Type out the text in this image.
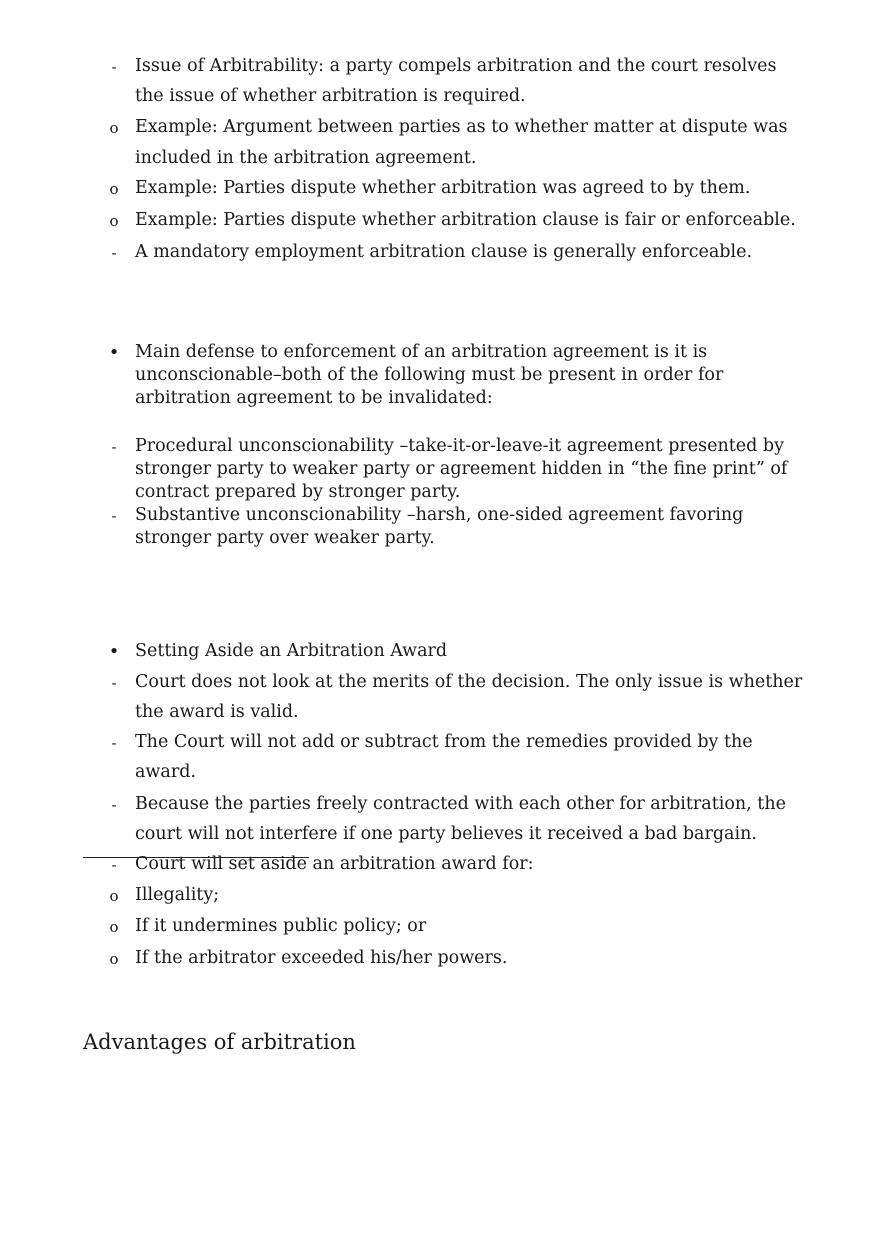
-	Issue of Arbitrability: a party compels arbitration and the court resolves
the issue of whether arbitration is required.
o Example: Argument between parties as to whether matter at dispute was
included in the arbitration agreement.
o Example: Parties dispute whether arbitration was agreed to by them.
o Example: Parties dispute whether arbitration clause is fair or enforceable.
-	A mandatory employment arbitration clause is generally enforceable.
• Main defense to enforcement of an arbitration agreement is it is
unconscionable–both of the following must be present in order for
arbitration agreement to be invalidated:
-	Procedural unconscionability –take-it-or-leave-it agreement presented by
stronger party to weaker party or agreement hidden in “the fine print” of
contract prepared by stronger party.
-	Substantive unconscionability –harsh, one-sided agreement favoring
stronger party over weaker party.
• Setting Aside an Arbitration Award
-	Court does not look at the merits of the decision. The only issue is whether
the award is valid.
-	The Court will not add or subtract from the remedies provided by the
award.
-	Because the parties freely contracted with each other for arbitration, the
court will not interfere if one party believes it received a bad bargain.
-	Court will set aside an arbitration award for:
o Illegality;
o If it undermines public policy; or
o If the arbitrator exceeded his/her powers.
Advantages of arbitration
